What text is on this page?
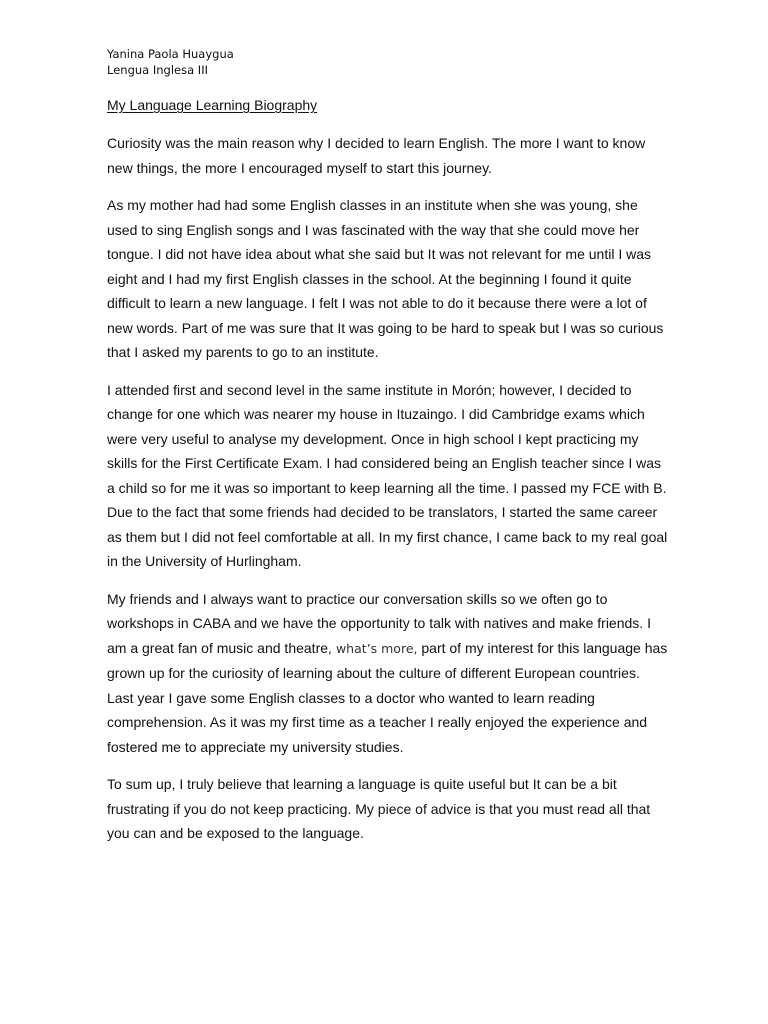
Yanina Paola Huaygua
Lengua Inglesa III
My Language Learning Biography

Curiosity was the main reason why I decided to learn English. The more I want to know
new things, the more I encouraged myself to start this journey.

As my mother had had some English classes in an institute when she was young, she
used to sing English songs and I was fascinated with the way that she could move her
tongue. I did not have idea about what she said but It was not relevant for me until I was
eight and I had my first English classes in the school. At the beginning I found it quite
difficult to learn a new language. I felt I was not able to do it because there were a lot of
new words. Part of me was sure that It was going to be hard to speak but I was so curious
that I asked my parents to go to an institute.

I attended first and second level in the same institute in Morón; however, I decided to
change for one which was nearer my house in Ituzaingo. I did Cambridge exams which
were very useful to analyse my development. Once in high school I kept practicing my
skills for the First Certificate Exam. I had considered being an English teacher since I was
a child so for me it was so important to keep learning all the time. I passed my FCE with B.
Due to the fact that some friends had decided to be translators, I started the same career
as them but I did not feel comfortable at all. In my first chance, I came back to my real goal
in the University of Hurlingham.

My friends and I always want to practice our conversation skills so we often go to
workshops in CABA and we have the opportunity to talk with natives and make friends. I
am a great fan of music and theatre, what’s more, part of my interest for this language has
grown up for the curiosity of learning about the culture of different European countries.
Last year I gave some English classes to a doctor who wanted to learn reading
comprehension. As it was my first time as a teacher I really enjoyed the experience and
fostered me to appreciate my university studies.

To sum up, I truly believe that learning a language is quite useful but It can be a bit
frustrating if you do not keep practicing. My piece of advice is that you must read all that
you can and be exposed to the language.
